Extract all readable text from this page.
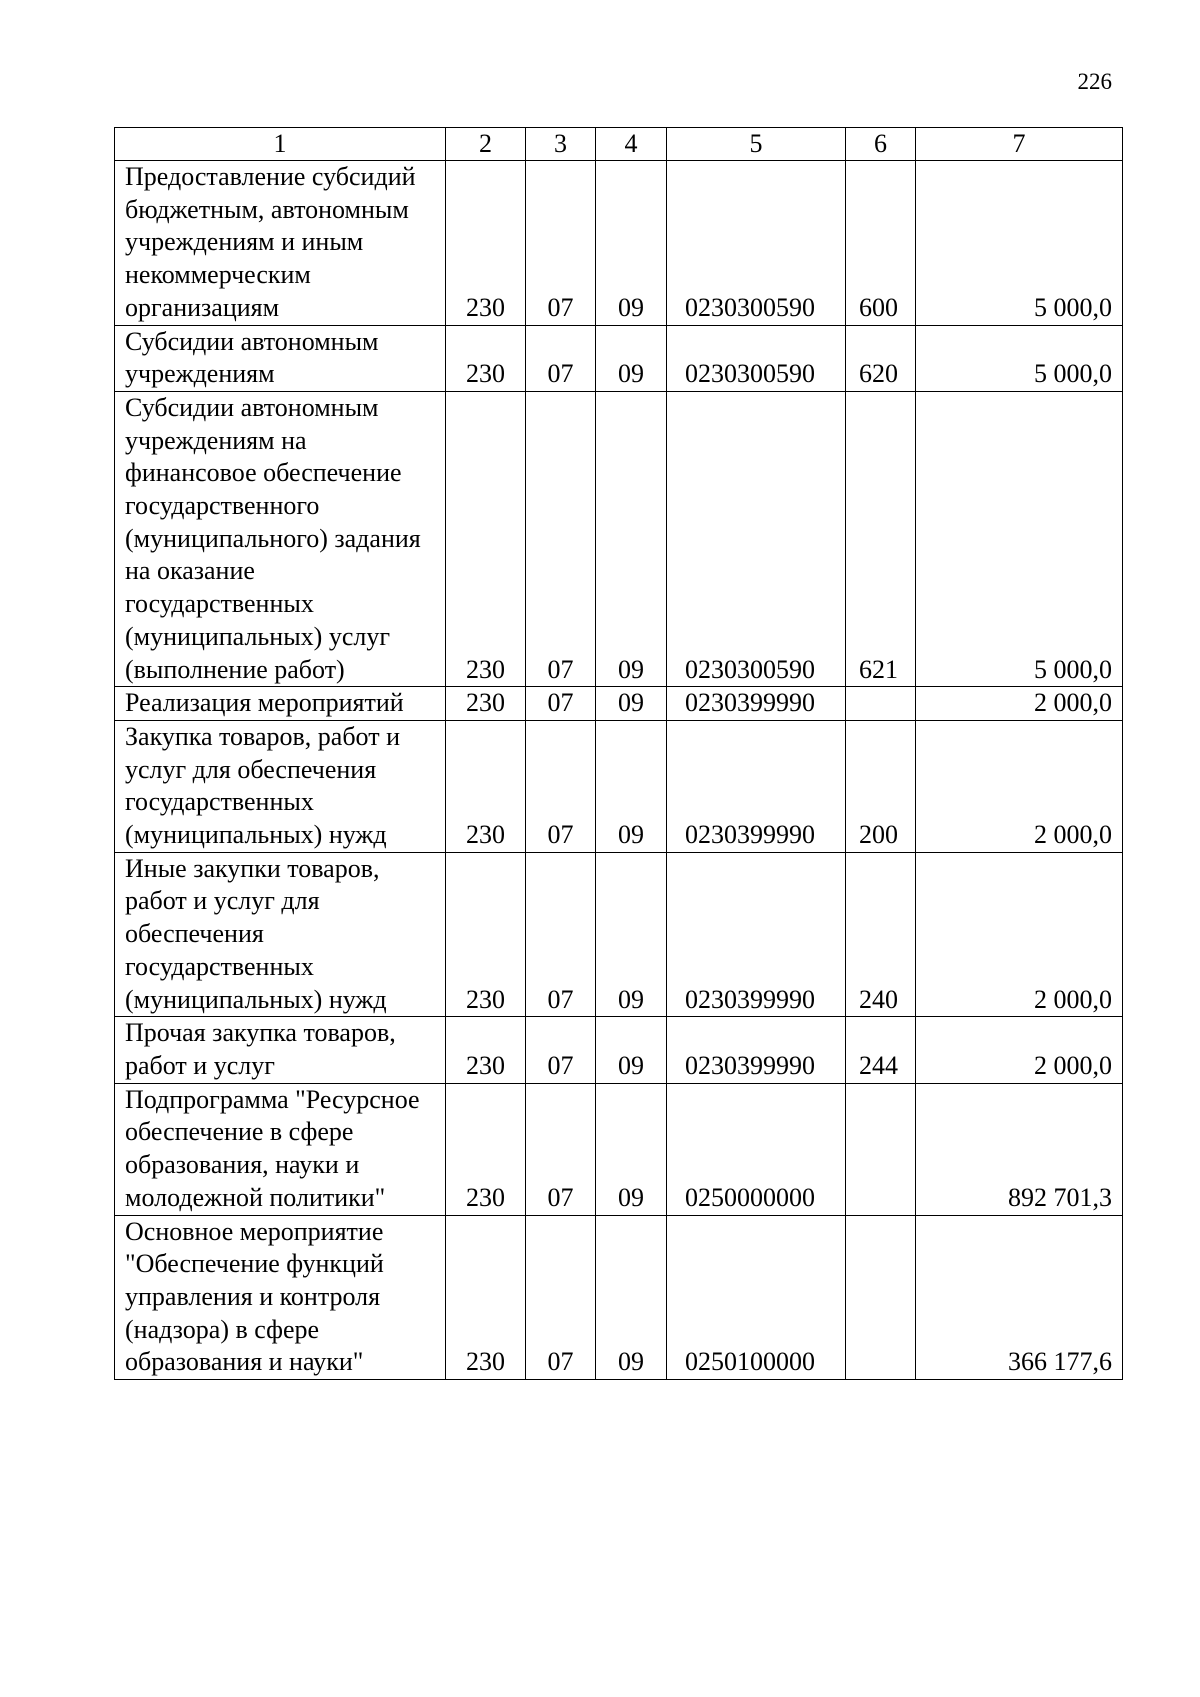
226
1	2	3	4	5	6	7
Предоставление субсидий бюджетным, автономным учреждениям и иным некоммерческим организациям	230	07	09	0230300590	600	5 000,0
Субсидии автономным учреждениям	230	07	09	0230300590	620	5 000,0
Субсидии автономным учреждениям на финансовое обеспечение государственного (муниципального) задания на оказание государственных (муниципальных) услуг (выполнение работ)	230	07	09	0230300590	621	5 000,0
Реализация мероприятий	230	07	09	0230399990		2 000,0
Закупка товаров, работ и услуг для обеспечения государственных (муниципальных) нужд	230	07	09	0230399990	200	2 000,0
Иные закупки товаров, работ и услуг для обеспечения государственных (муниципальных) нужд	230	07	09	0230399990	240	2 000,0
Прочая закупка товаров, работ и услуг	230	07	09	0230399990	244	2 000,0
Подпрограмма "Ресурсное обеспечение в сфере образования, науки и молодежной политики"	230	07	09	0250000000		892 701,3
Основное мероприятие "Обеспечение функций управления и контроля (надзора) в сфере образования и науки"	230	07	09	0250100000		366 177,6
